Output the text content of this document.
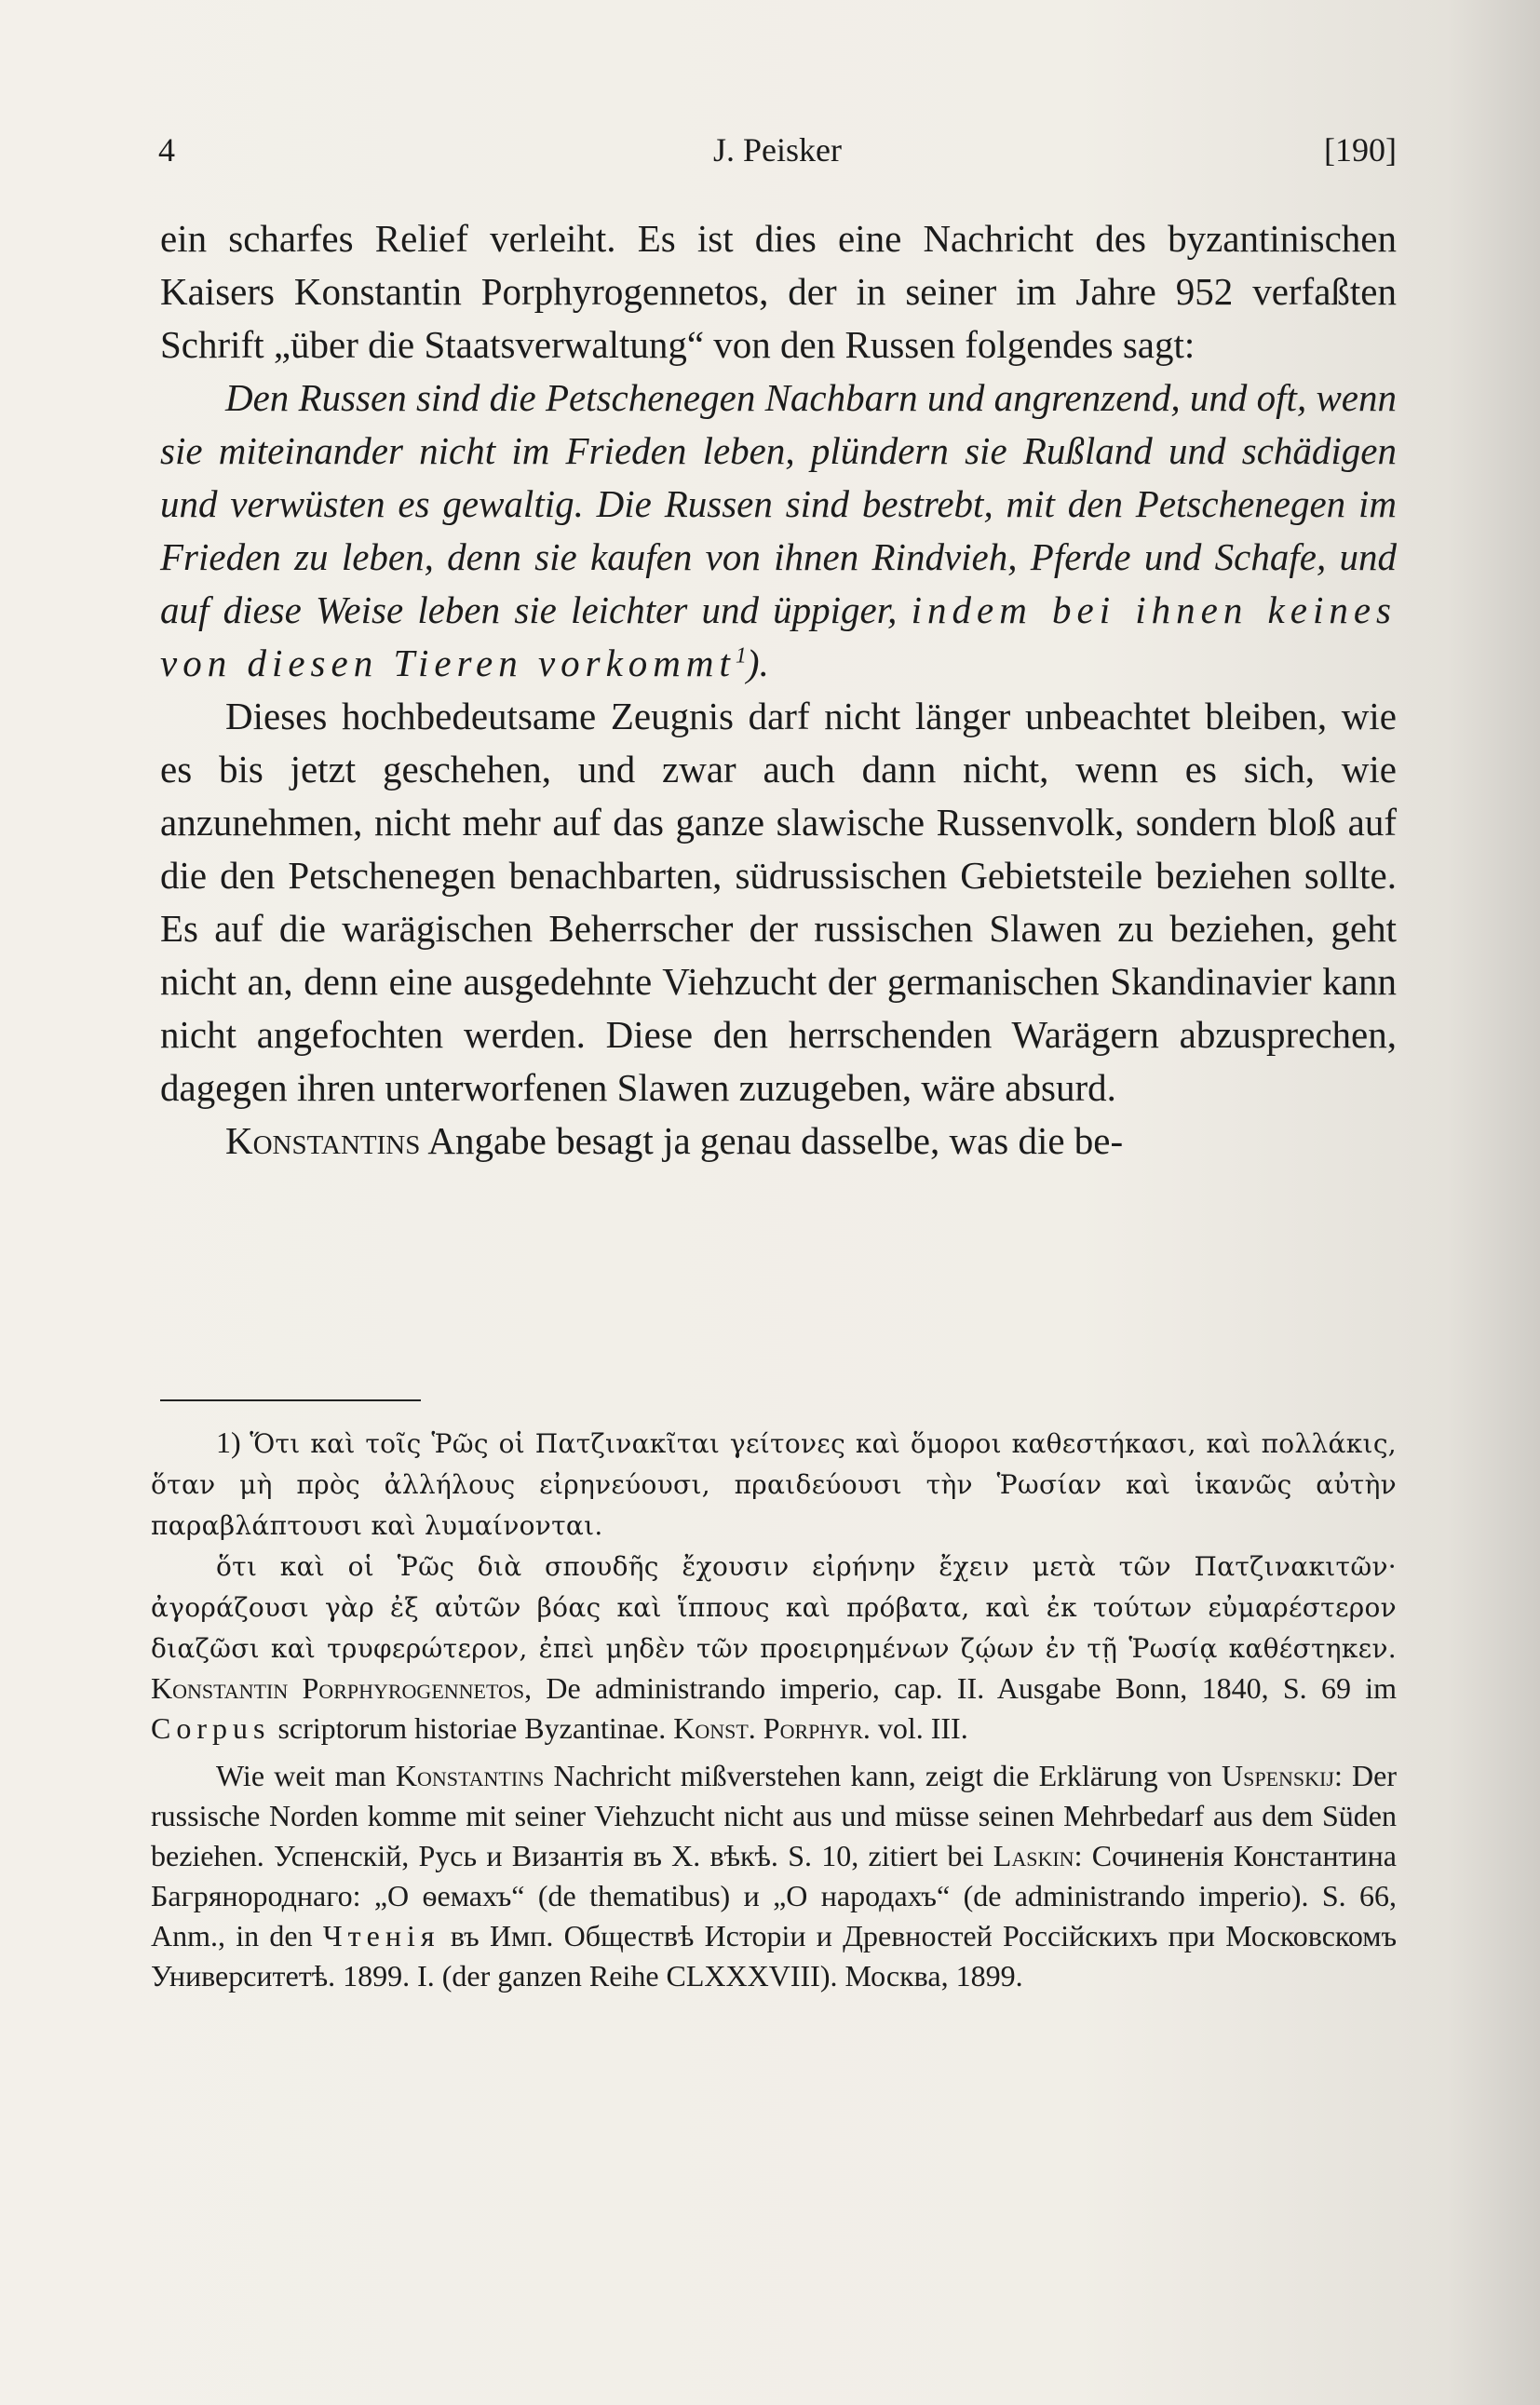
4	J. Peisker	[190]

ein scharfes Relief verleiht. Es ist dies eine Nachricht des byzantinischen Kaisers Konstantin Porphyrogennetos, der in seiner im Jahre 952 verfaßten Schrift „über die Staatsverwaltung“ von den Russen folgendes sagt:

Den Russen sind die Petschenegen Nachbarn und angrenzend, und oft, wenn sie miteinander nicht im Frieden leben, plündern sie Rußland und schädigen und verwüsten es gewaltig. Die Russen sind bestrebt, mit den Petschenegen im Frieden zu leben, denn sie kaufen von ihnen Rindvieh, Pferde und Schafe, und auf diese Weise leben sie leichter und üppiger, indem bei ihnen keines von diesen Tieren vorkommt$^1$).

Dieses hochbedeutsame Zeugnis darf nicht länger unbeachtet bleiben, wie es bis jetzt geschehen, und zwar auch dann nicht, wenn es sich, wie anzunehmen, nicht mehr auf das ganze slawische Russenvolk, sondern bloß auf die den Petschenegen benachbarten, südrussischen Gebietsteile beziehen sollte. Es auf die warägischen Beherrscher der russischen Slawen zu beziehen, geht nicht an, denn eine ausgedehnte Viehzucht der germanischen Skandinavier kann nicht angefochten werden. Diese den herrschenden Warägern abzusprechen, dagegen ihren unterworfenen Slawen zuzugeben, wäre absurd.

Konstantins Angabe besagt ja genau dasselbe, was die be-

1) Ὅτι καὶ τοῖς Ῥῶς οἱ Πατζινακῖται γείτονες καὶ ὅμοροι καθεστήκασι, καὶ πολλάκις, ὅταν μὴ πρὸς ἀλλήλους εἰρηνεύουσι, πραιδεύουσι τὴν Ῥωσίαν καὶ ἱκανῶς αὐτὴν παραβλάπτουσι καὶ λυμαίνονται.

ὅτι καὶ οἱ Ῥῶς διὰ σπουδῆς ἔχουσιν εἰρήνην ἔχειν μετὰ τῶν Πατζινακιτῶν· ἀγοράζουσι γὰρ ἐξ αὐτῶν βόας καὶ ἵππους καὶ πρόβατα, καὶ ἐκ τούτων εὐμαρέστερον διαζῶσι καὶ τρυφερώτερον, ἐπεὶ μηδὲν τῶν προειρημένων ζῴων ἐν τῇ Ῥωσίᾳ καθέστηκεν. Konstantin Porphyrogennetos, De administrando imperio, cap. II. Ausgabe Bonn, 1840, S. 69 im Corpus scriptorum historiae Byzantinae. Konst. Porphyr. vol. III.

Wie weit man Konstantins Nachricht mißverstehen kann, zeigt die Erklärung von Uspenskij: Der russische Norden komme mit seiner Viehzucht nicht aus und müsse seinen Mehrbedarf aus dem Süden beziehen. Успенскій, Русь и Византія въ X. вѣкѣ. S. 10, zitiert bei Laskin: Сочиненія Константина Багрянороднаго: „О ѳемахъ“ (de thematibus) и „О народахъ“ (de administrando imperio). S. 66, Anm., in den Чтенія въ Имп. Обществѣ Исторіи и Древностей Россійскихъ при Московскомъ Университетѣ. 1899. I. (der ganzen Reihe CLXXXVIII). Москва, 1899.
